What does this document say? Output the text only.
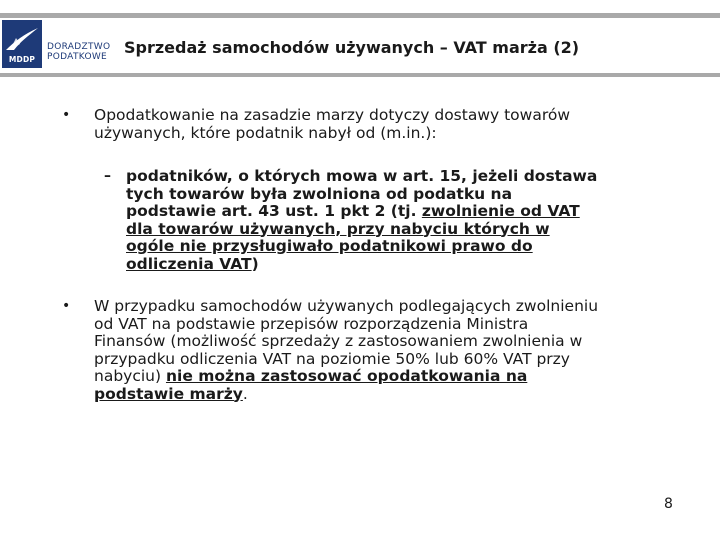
MDDP
DORADZTWO
PODATKOWE Sprzedaż samochodów używanych – VAT marża (2)
• Opodatkowanie na zasadzie marzy dotyczy dostawy towarów
używanych, które podatnik nabył od (m.in.):
– podatników, o których mowa w art. 15, jeżeli dostawa
tych towarów była zwolniona od podatku na
podstawie art. 43 ust. 1 pkt 2 (tj. zwolnienie od VAT
dla towarów używanych, przy nabyciu których w
ogóle nie przysługiwało podatnikowi prawo do
odliczenia VAT)
• W przypadku samochodów używanych podlegających zwolnieniu
od VAT na podstawie przepisów rozporządzenia Ministra
Finansów (możliwość sprzedaży z zastosowaniem zwolnienia w
przypadku odliczenia VAT na poziomie 50% lub 60% VAT przy
nabyciu) nie można zastosować opodatkowania na
podstawie marży.
8
